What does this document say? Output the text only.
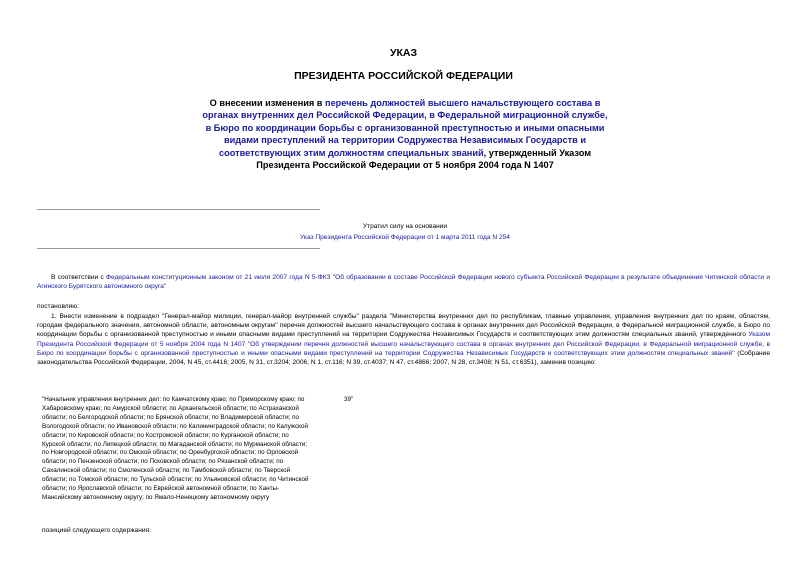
УКАЗ
ПРЕЗИДЕНТА РОССИЙСКОЙ ФЕДЕРАЦИИ
О внесении изменения в перечень должностей высшего начальствующего состава в органах внутренних дел Российской Федерации, в Федеральной миграционной службе, в Бюро по координации борьбы с организованной преступностью и иными опасными видами преступлений на территории Содружества Независимых Государств и соответствующих этим должностям специальных званий, утвержденный Указом Президента Российской Федерации от 5 ноября 2004 года N 1407
Утратил силу на основании
Указ Президента Российской Федерации от 1 марта 2011 года N 254
В соответствии с Федеральным конституционным законом от 21 июля 2007 года N 5-ФКЗ "Об образовании в составе Российской Федерации нового субъекта Российской Федерации в результате объединения Читинской области и Агинского Бурятского автономного округа"
постановляю:
1. Внести изменение в подраздел "Генерал-майор милиции, генерал-майор внутренней службы" раздела "Министерства внутренних дел по республикам, главные управления, управления внутренних дел по краям, областям, городам федерального значения, автономной области, автономным округам" перечня должностей высшего начальствующего состава в органах внутренних дел Российской Федерации, в Федеральной миграционной службе, в Бюро по координации борьбы с организованной преступностью и иными опасными видами преступлений на территории Содружества Независимых Государств и соответствующих этим должностям специальных званий, утвержденного Указом Президента Российской Федерации от 5 ноября 2004 года N 1407 "Об утверждении перечня должностей высшего начальствующего состава в органах внутренних дел Российской Федерации, в Федеральной миграционной службе, в Бюро по координации борьбы с организованной преступностью и иными опасными видами преступлений на территории Содружества Независимых Государств и соответствующих этим должностям специальных званий" (Собрание законодательства Российской Федерации, 2004, N 45, ст.4416; 2005, N 31, ст.3204; 2006, N 1, ст.116; N 39, ст.4037; N 47, ст.4866; 2007, N 28, ст.3408; N 51, ст.6351), заменив позицию:
"Начальник управления внутренних дел: по Камчатскому краю; по Приморскому краю; по
Хабаровскому краю; по Амурской области; по Архангельской области; по Астраханской
области; по Белгородской области; по Брянской области; по Владимирской области; по
Вологодской области; по Ивановской области; по Калининградской области; по Калужской
области; по Кировской области; по Костромской области; по Курганской области; по
Курской области; по Липецкой области; по Магаданской области; по Мурманской области;
по Новгородской области; по Омской области; по Оренбургской области; по Орловской
области; по Пензенской области; по Псковской области; по Рязанской области; по
Сахалинской области; по Смоленской области; по Тамбовской области; по Тверской
области; по Томской области; по Тульской области; по Ульяновской области; по Читинской
области; по Ярославской области; по Еврейской автономной области; по Ханты-
Мансийскому автономному округу; по Ямало-Ненецкому автономному округу
39"
позицией следующего содержания:
